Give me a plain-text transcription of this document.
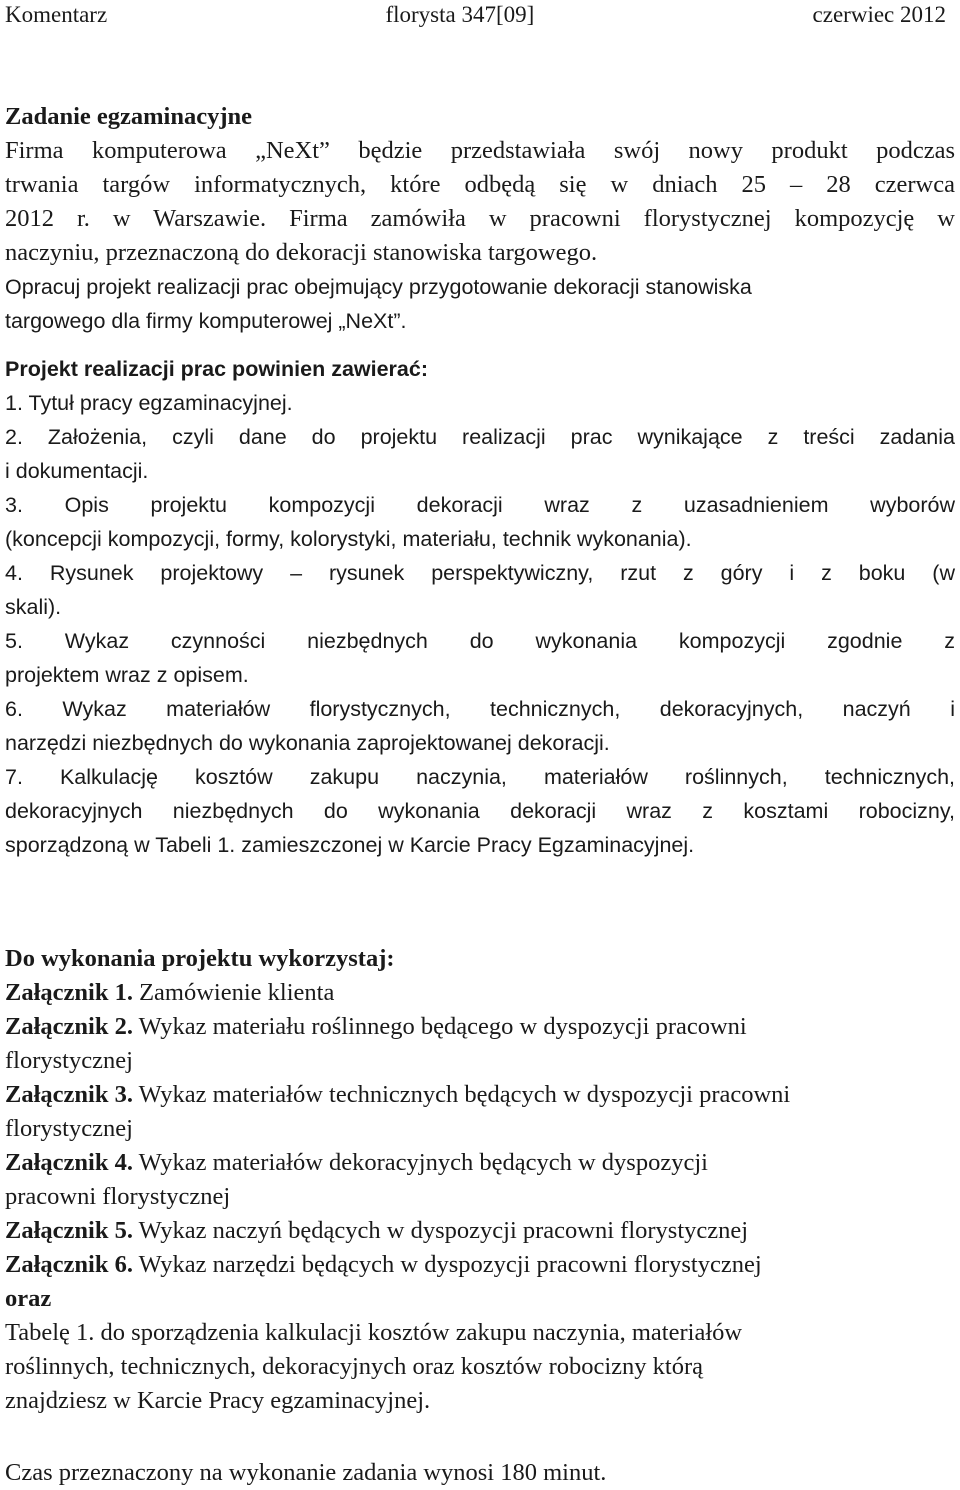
Komentarz	florysta 347[09]	czerwiec 2012
Zadanie egzaminacyjne
Firma komputerowa „NeXt” będzie przedstawiała swój nowy produkt podczas
trwania targów informatycznych, które odbędą się w dniach 25 – 28 czerwca
2012 r. w Warszawie. Firma zamówiła w pracowni florystycznej kompozycję w
naczyniu, przeznaczoną do dekoracji stanowiska targowego.
Opracuj projekt realizacji prac obejmujący przygotowanie dekoracji stanowiska
targowego dla firmy komputerowej „NeXt”.
Projekt realizacji prac powinien zawierać:
1. Tytuł pracy egzaminacyjnej.
2. Założenia, czyli dane do projektu realizacji prac wynikające z treści zadania
i dokumentacji.
3. Opis projektu kompozycji dekoracji wraz z uzasadnieniem wyborów
(koncepcji kompozycji, formy, kolorystyki, materiału, technik wykonania).
4. Rysunek projektowy – rysunek perspektywiczny, rzut z góry i z boku (w
skali).
5. Wykaz czynności niezbędnych do wykonania kompozycji zgodnie z
projektem wraz z opisem.
6. Wykaz materiałów florystycznych, technicznych, dekoracyjnych, naczyń i
narzędzi niezbędnych do wykonania zaprojektowanej dekoracji.
7. Kalkulację kosztów zakupu naczynia, materiałów roślinnych, technicznych,
dekoracyjnych niezbędnych do wykonania dekoracji wraz z kosztami robocizny,
sporządzoną w Tabeli 1. zamieszczonej w Karcie Pracy Egzaminacyjnej.
Do wykonania projektu wykorzystaj:
Załącznik 1. Zamówienie klienta
Załącznik 2. Wykaz materiału roślinnego będącego w dyspozycji pracowni
florystycznej
Załącznik 3. Wykaz materiałów technicznych będących w dyspozycji pracowni
florystycznej
Załącznik 4. Wykaz materiałów dekoracyjnych będących w dyspozycji
pracowni florystycznej
Załącznik 5. Wykaz naczyń będących w dyspozycji pracowni florystycznej
Załącznik 6. Wykaz narzędzi będących w dyspozycji pracowni florystycznej
oraz
Tabelę 1. do sporządzenia kalkulacji kosztów zakupu naczynia, materiałów
roślinnych, technicznych, dekoracyjnych oraz kosztów robocizny którą
znajdziesz w Karcie Pracy egzaminacyjnej.
Czas przeznaczony na wykonanie zadania wynosi 180 minut.
